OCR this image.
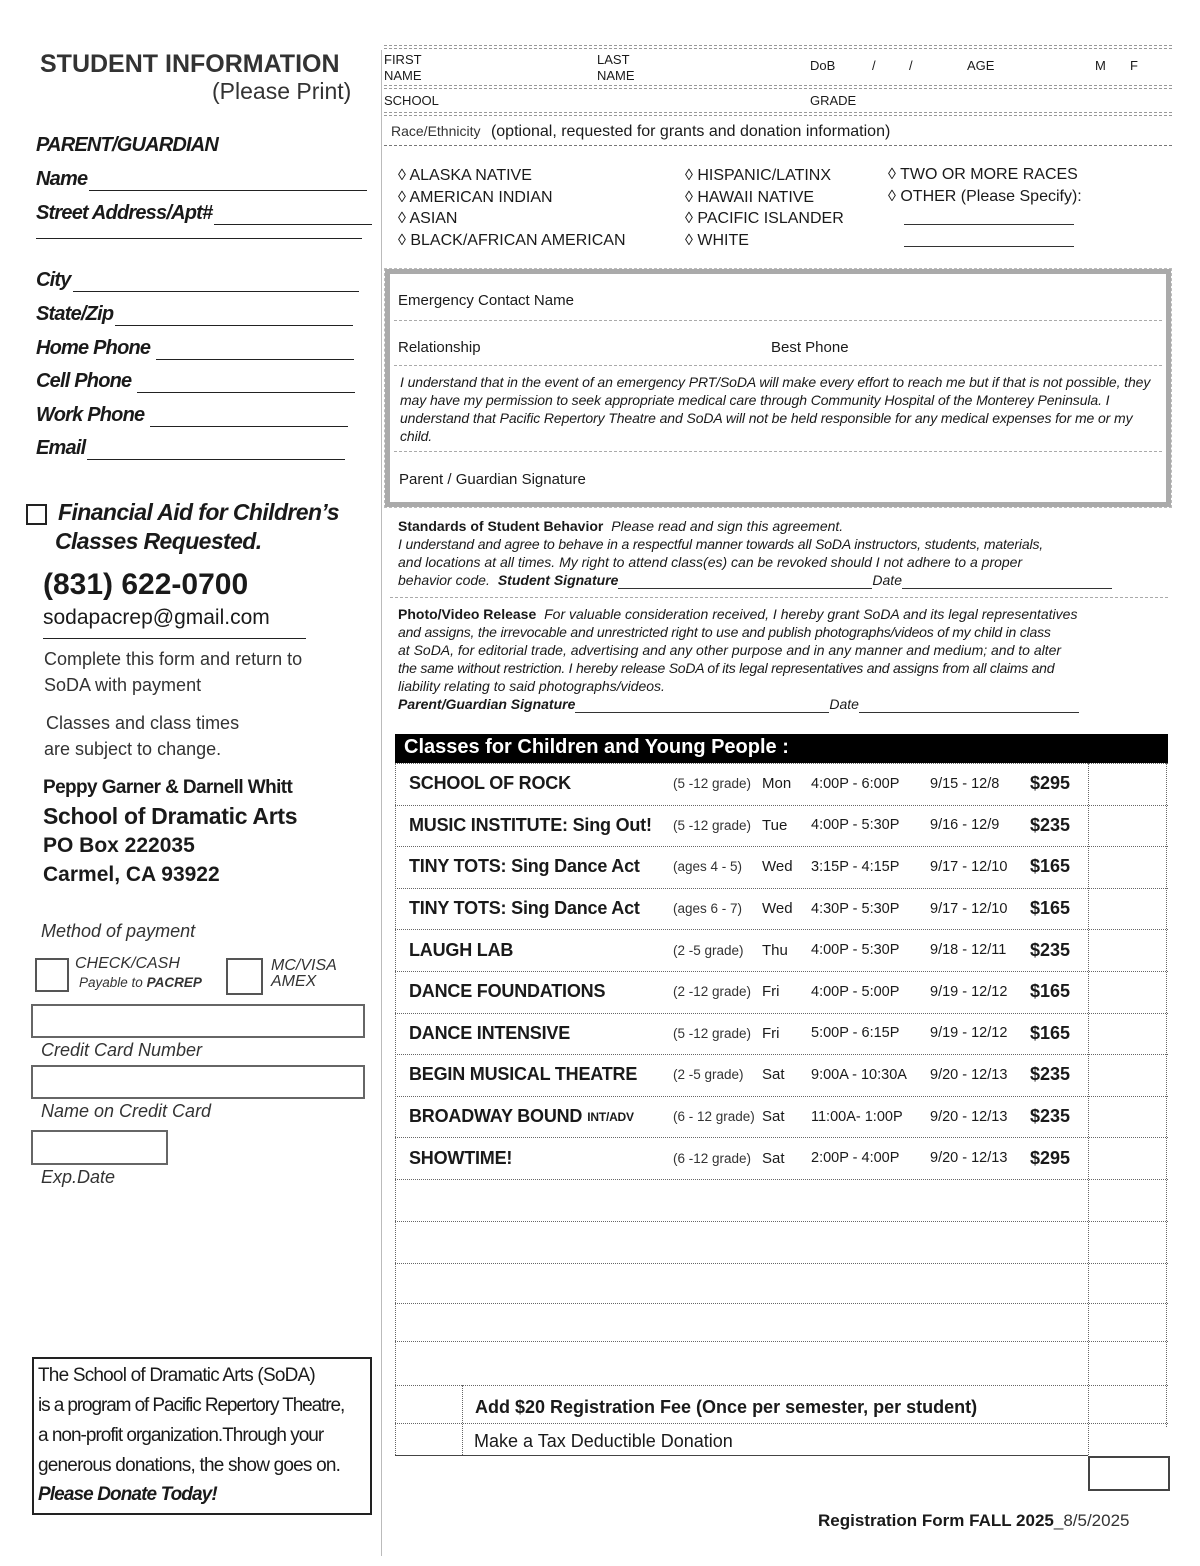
STUDENT INFORMATION
(Please Print)
PARENT/GUARDIAN
Name
Street Address/Apt#
City
State/Zip
Home Phone
Cell Phone
Work Phone
Email
Financial Aid for Children’s
Classes Requested.
(831) 622-0700
sodapacrep@gmail.com
Complete this form and return to
SoDA with payment
Classes and class times
are subject to change.
Peppy Garner & Darnell Whitt
School of Dramatic Arts
PO Box 222035
Carmel, CA 93922
Method of payment
CHECK/CASH
Payable to PACREP
MC/VISA
AMEX
Credit Card Number
Name on Credit Card
Exp.Date
The School of Dramatic Arts (SoDA)
is a program of Pacific Repertory Theatre,
a non-profit organization.Through your
generous donations, the show goes on.
Please Donate Today!
FIRST
NAME
LAST
NAME
DoB	/	/	AGE	M F
SCHOOL	GRADE
Race/Ethnicity (optional, requested for grants and donation information)
◊ ALASKA NATIVE
◊ AMERICAN INDIAN
◊ ASIAN
◊ BLACK/AFRICAN AMERICAN
◊ HISPANIC/LATINX
◊ HAWAII NATIVE
◊ PACIFIC ISLANDER
◊ WHITE
◊ TWO OR MORE RACES
◊ OTHER (Please Specify):
Emergency Contact Name
Relationship	Best Phone
I understand that in the event of an emergency PRT/SoDA will make every effort to reach me but if that is not possible, they may have my permission to seek appropriate medical care through Community Hospital of the Monterey Peninsula. I understand that Pacific Repertory Theatre and SoDA will not be held responsible for any medical expenses for me or my child.
Parent / Guardian Signature
Standards of Student Behavior Please read and sign this agreement.
I understand and agree to behave in a respectful manner towards all SoDA instructors, students, materials,
and locations at all times. My right to attend class(es) can be revoked should I not adhere to a proper
behavior code. Student Signature	Date
Photo/Video Release For valuable consideration received, I hereby grant SoDA and its legal representatives
and assigns, the irrevocable and unrestricted right to use and publish photographs/videos of my child in class
at SoDA, for editorial trade, advertising and any other purpose and in any manner and medium; and to alter
the same without restriction. I hereby release SoDA of its legal representatives and assigns from all claims and
liability relating to said photographs/videos.
Parent/Guardian Signature	Date
Classes for Children and Young People :
SCHOOL OF ROCK	(5 -12 grade) Mon 4:00P - 6:00P 9/15 - 12/8 $295
MUSIC INSTITUTE: Sing Out! (5 -12 grade) Tue 4:00P - 5:30P 9/16 - 12/9 $235
TINY TOTS: Sing Dance Act (ages 4 - 5) Wed 3:15P - 4:15P 9/17 - 12/10 $165
TINY TOTS: Sing Dance Act (ages 6 - 7) Wed 4:30P - 5:30P 9/17 - 12/10 $165
LAUGH LAB	(2 -5 grade) Thu 4:00P - 5:30P 9/18 - 12/11 $235
DANCE FOUNDATIONS	(2 -12 grade) Fri 4:00P - 5:00P 9/19 - 12/12 $165
DANCE INTENSIVE	(5 -12 grade) Fri 5:00P - 6:15P 9/19 - 12/12 $165
BEGIN MUSICAL THEATRE	(2 -5 grade) Sat 9:00A - 10:30A 9/20 - 12/13 $235
BROADWAY BOUND INT/ADV	(6 - 12 grade) Sat 11:00A- 1:00P 9/20 - 12/13 $235
SHOWTIME!	(6 -12 grade) Sat 2:00P - 4:00P 9/20 - 12/13 $295
Add $20 Registration Fee (Once per semester, per student)
Make a Tax Deductible Donation
Registration Form FALL 2025_8/5/2025
